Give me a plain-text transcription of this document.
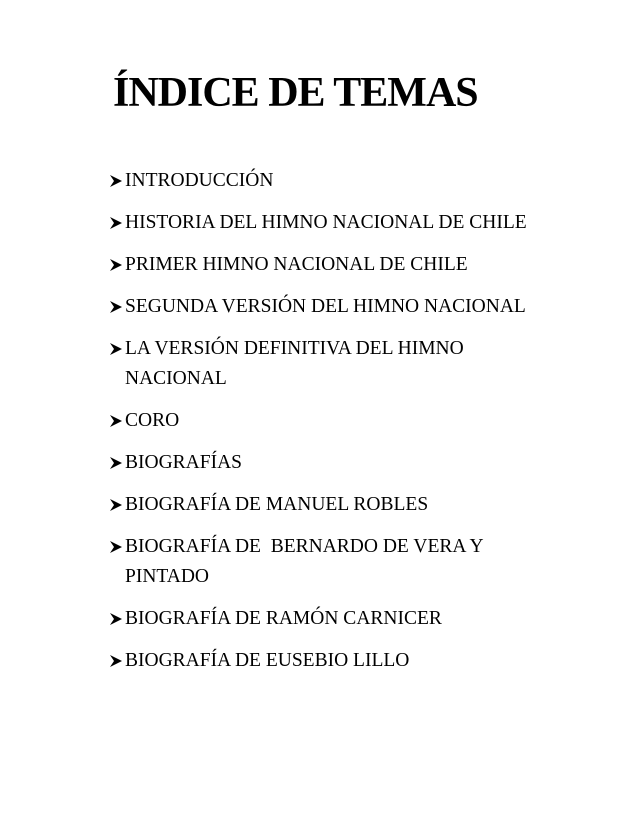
ÍNDICE DE TEMAS
INTRODUCCIÓN
HISTORIA DEL HIMNO NACIONAL DE CHILE
PRIMER HIMNO NACIONAL DE CHILE
SEGUNDA VERSIÓN DEL HIMNO NACIONAL
LA VERSIÓN DEFINITIVA DEL HIMNO NACIONAL
CORO
BIOGRAFÍAS
BIOGRAFÍA DE MANUEL ROBLES
BIOGRAFÍA DE  BERNARDO DE VERA Y PINTADO
BIOGRAFÍA DE RAMÓN CARNICER
BIOGRAFÍA DE EUSEBIO LILLO
